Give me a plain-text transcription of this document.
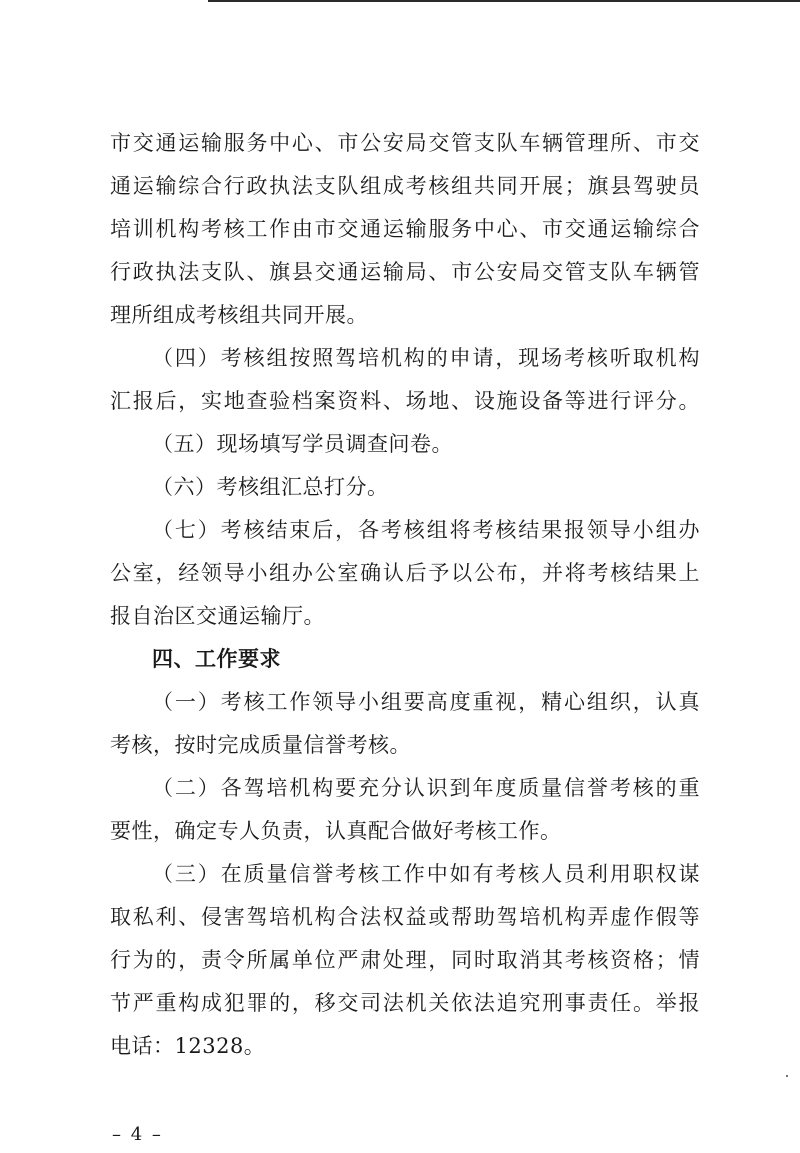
市交通运输服务中心、市公安局交管支队车辆管理所、市交
通运输综合行政执法支队组成考核组共同开展；旗县驾驶员
培训机构考核工作由市交通运输服务中心、市交通运输综合
行政执法支队、旗县交通运输局、市公安局交管支队车辆管
理所组成考核组共同开展。
（四）考核组按照驾培机构的申请，现场考核听取机构
汇报后，实地查验档案资料、场地、设施设备等进行评分。
（五）现场填写学员调查问卷。
（六）考核组汇总打分。
（七）考核结束后，各考核组将考核结果报领导小组办
公室，经领导小组办公室确认后予以公布，并将考核结果上
报自治区交通运输厅。
四、工作要求
（一）考核工作领导小组要高度重视，精心组织，认真
考核，按时完成质量信誉考核。
（二）各驾培机构要充分认识到年度质量信誉考核的重
要性，确定专人负责，认真配合做好考核工作。
（三）在质量信誉考核工作中如有考核人员利用职权谋
取私利、侵害驾培机构合法权益或帮助驾培机构弄虚作假等
行为的，责令所属单位严肃处理，同时取消其考核资格；情
节严重构成犯罪的，移交司法机关依法追究刑事责任。举报
电话：12328。
– 4 –
